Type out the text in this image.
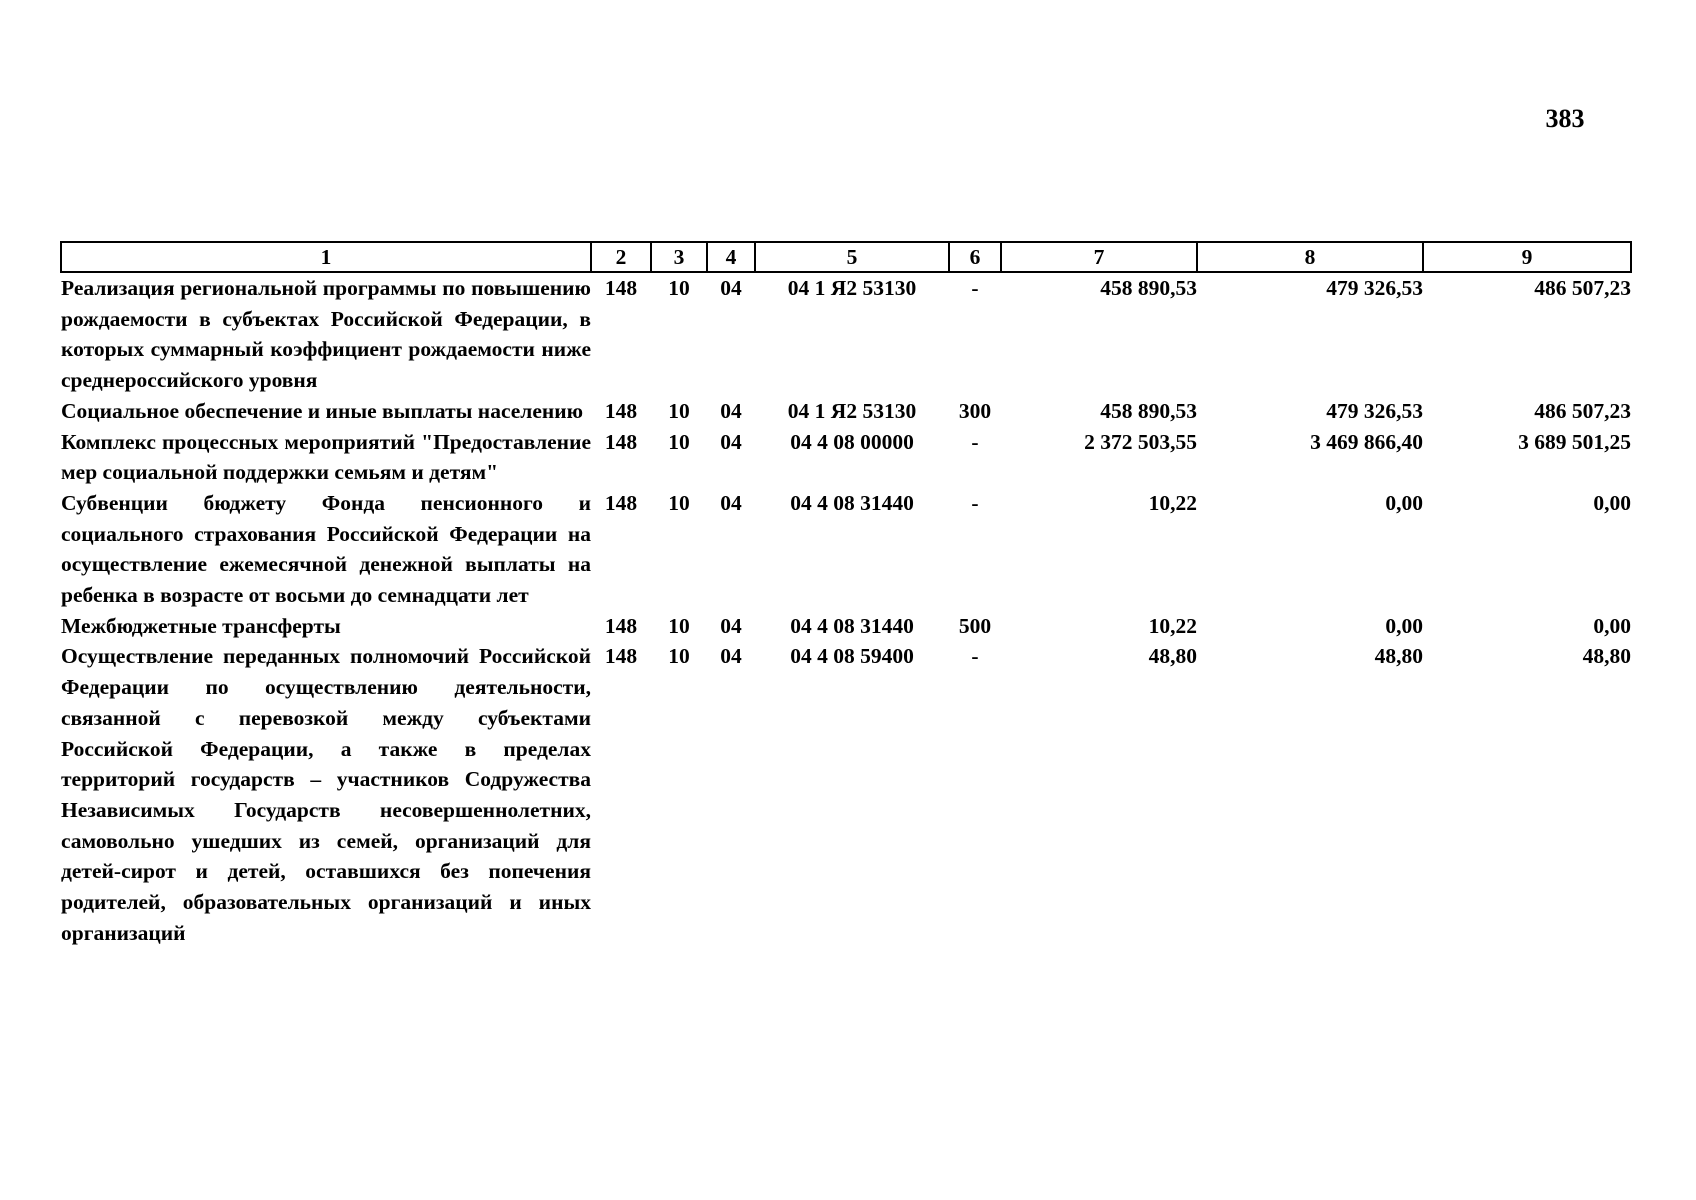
383
1	2	3	4	5	6	7	8	9
Реализация региональной программы по повышению рождаемости в субъектах Российской Федерации, в которых суммарный коэффициент рождаемости ниже среднероссийского уровня	148	10	04	04 1 Я2 53130	-	458 890,53	479 326,53	486 507,23
Социальное обеспечение и иные выплаты населению	148	10	04	04 1 Я2 53130	300	458 890,53	479 326,53	486 507,23
Комплекс процессных мероприятий "Предоставление мер социальной поддержки семьям и детям"	148	10	04	04 4 08 00000	-	2 372 503,55	3 469 866,40	3 689 501,25
Субвенции бюджету Фонда пенсионного и социального страхования Российской Федерации на осуществление ежемесячной денежной выплаты на ребенка в возрасте от восьми до семнадцати лет	148	10	04	04 4 08 31440	-	10,22	0,00	0,00
Межбюджетные трансферты	148	10	04	04 4 08 31440	500	10,22	0,00	0,00
Осуществление переданных полномочий Российской Федерации по осуществлению деятельности, связанной с перевозкой между субъектами Российской Федерации, а также в пределах территорий государств – участников Содружества Независимых Государств несовершеннолетних, самовольно ушедших из семей, организаций для детей-сирот и детей, оставшихся без попечения родителей, образовательных организаций и иных организаций	148	10	04	04 4 08 59400	-	48,80	48,80	48,80
